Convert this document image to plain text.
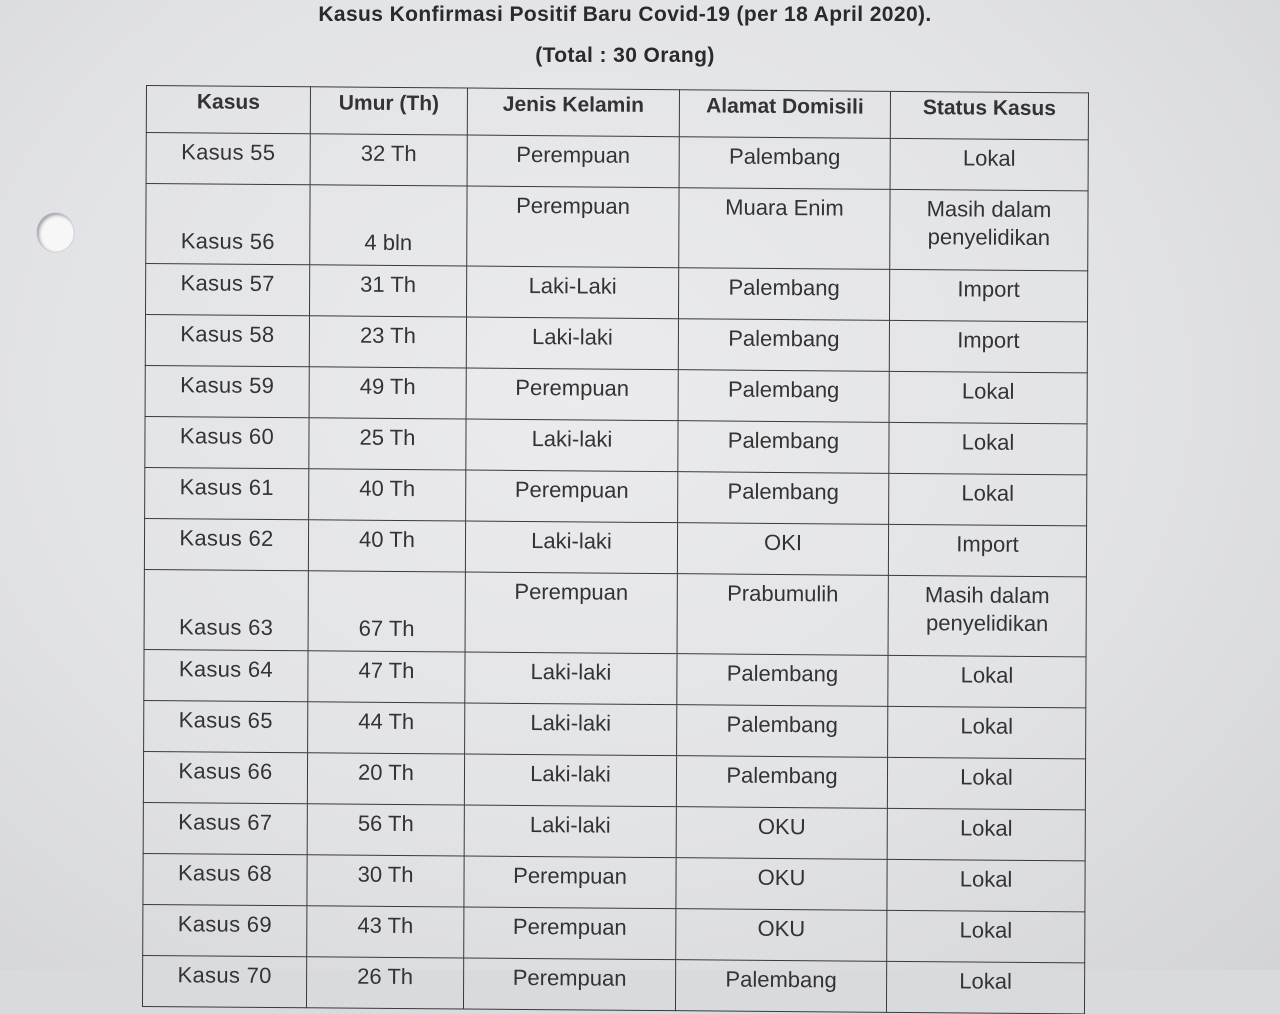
Kasus Konfirmasi Positif Baru Covid-19 (per 18 April 2020).
(Total : 30 Orang)
Kasus	Umur (Th)	Jenis Kelamin	Alamat Domisili	Status Kasus
Kasus 55	32 Th	Perempuan	Palembang	Lokal
Kasus 56	4 bln	Perempuan	Muara Enim	Masih dalam penyelidikan
Kasus 57	31 Th	Laki-Laki	Palembang	Import
Kasus 58	23 Th	Laki-laki	Palembang	Import
Kasus 59	49 Th	Perempuan	Palembang	Lokal
Kasus 60	25 Th	Laki-laki	Palembang	Lokal
Kasus 61	40 Th	Perempuan	Palembang	Lokal
Kasus 62	40 Th	Laki-laki	OKI	Import
Kasus 63	67 Th	Perempuan	Prabumulih	Masih dalam penyelidikan
Kasus 64	47 Th	Laki-laki	Palembang	Lokal
Kasus 65	44 Th	Laki-laki	Palembang	Lokal
Kasus 66	20 Th	Laki-laki	Palembang	Lokal
Kasus 67	56 Th	Laki-laki	OKU	Lokal
Kasus 68	30 Th	Perempuan	OKU	Lokal
Kasus 69	43 Th	Perempuan	OKU	Lokal
Kasus 70	26 Th	Perempuan	Palembang	Lokal
